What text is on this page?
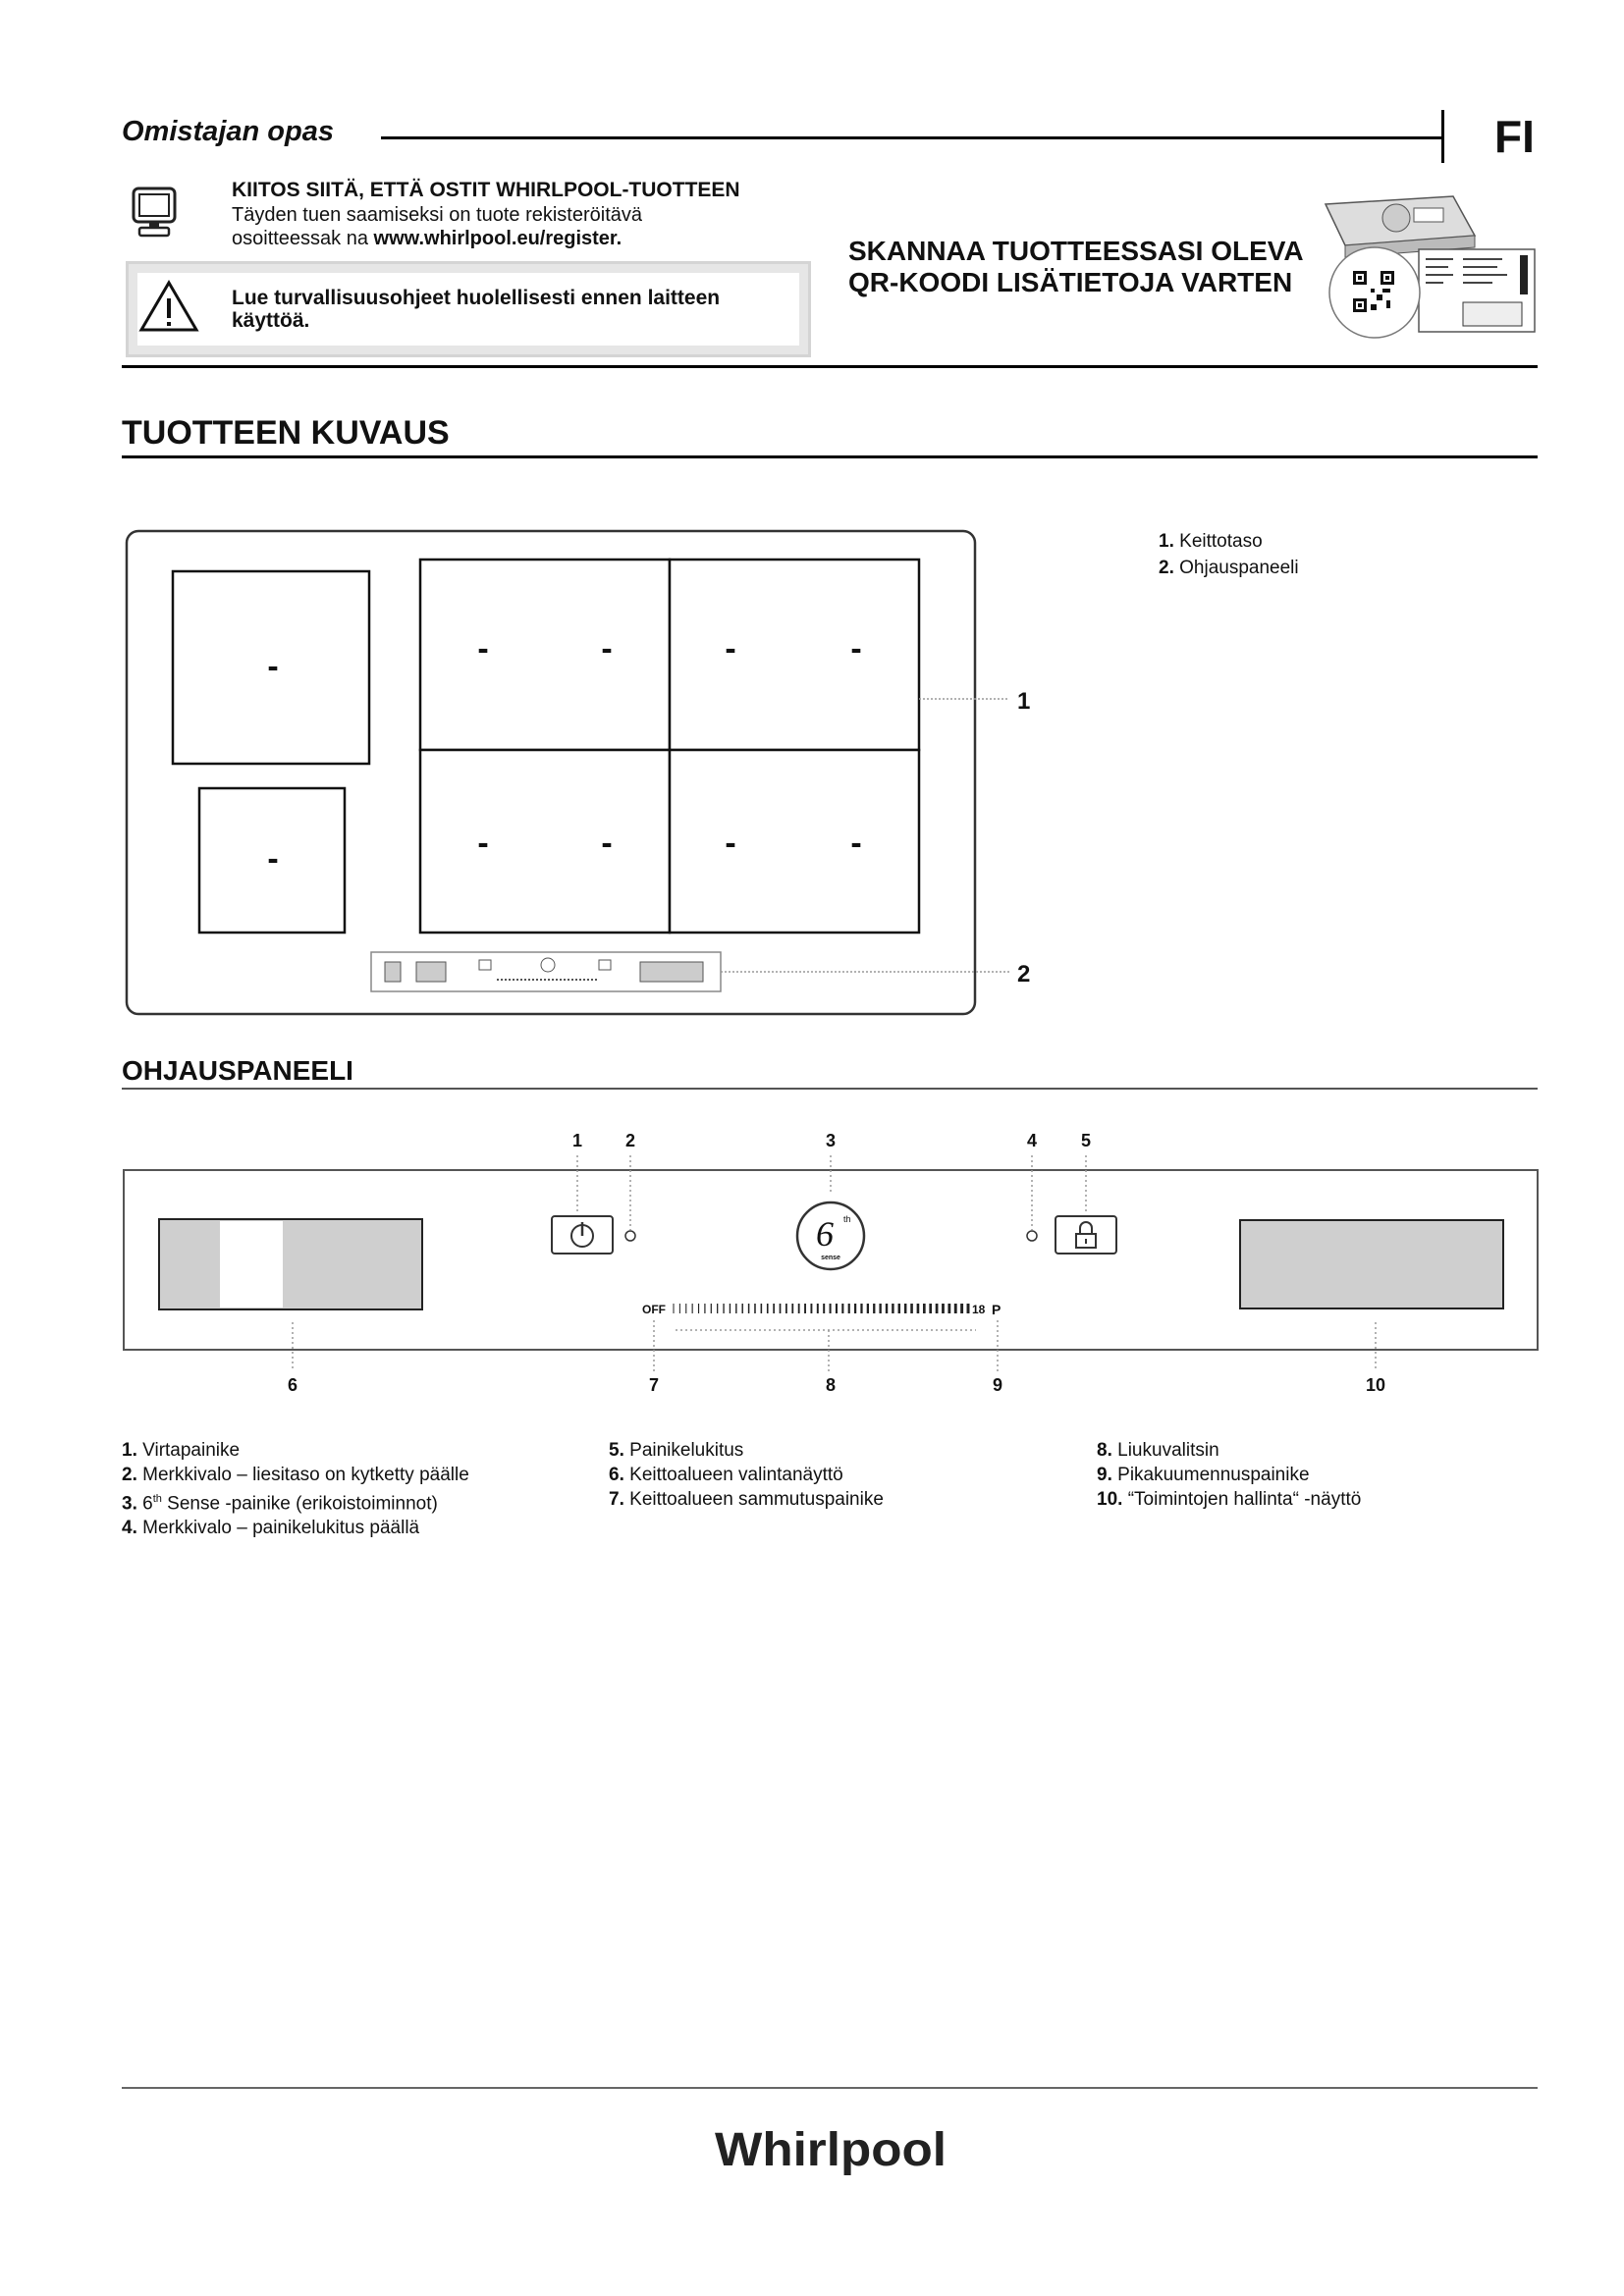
Omistajan opas	FI
KIITOS SIITÄ, ETTÄ OSTIT WHIRLPOOL-TUOTTEEN
Täyden tuen saamiseksi on tuote rekisteröitävä
osoitteessak na www.whirlpool.eu/register.
Lue turvallisuusohjeet huolellisesti ennen laitteen
käyttöä.
SKANNAA TUOTTEESSASI OLEVA
QR-KOODI LISÄTIETOJA VARTEN
TUOTTEEN KUVAUS
-
-
-	-	-	-
-	-	-	-
1
2
1. Keittotaso
2. Ohjauspaneeli
OHJAUSPANEELI
1 2	3	4 5
6 th
sense
OFF	18 P
6	7	8	9	10
1. Virtapainike
2. Merkkivalo – liesitaso on kytketty päälle
3. 6th Sense -painike (erikoistoiminnot)
4. Merkkivalo – painikelukitus päällä
5. Painikelukitus
6. Keittoalueen valintanäyttö
7. Keittoalueen sammutuspainike
8. Liukuvalitsin
9. Pikakuumennuspainike
10. “Toimintojen hallinta“ -näyttö
Whirlpool
